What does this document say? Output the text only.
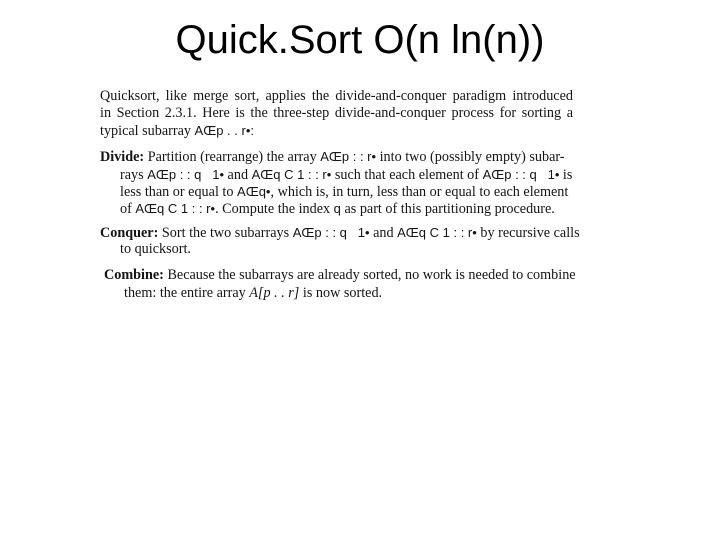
Quick.Sort O(n ln(n))
Quicksort, like merge sort, applies the divide-and-conquer paradigm introduced
in Section 2.3.1. Here is the three-step divide-and-conquer process for sorting a
typical subarray AŒp . . r•:
Divide: Partition (rearrange) the array AŒp : : r• into two (possibly empty) subar-
rays AŒp : : q   1• and AŒq C 1 : : r• such that each element of AŒp : : q   1• is
less than or equal to AŒq•, which is, in turn, less than or equal to each element
of AŒq C 1 : : r•. Compute the index q as part of this partitioning procedure.
Conquer: Sort the two subarrays AŒp : : q   1• and AŒq C 1 : : r• by recursive calls
to quicksort.
Combine: Because the subarrays are already sorted, no work is needed to combine
them: the entire array A[p . . r] is now sorted.
